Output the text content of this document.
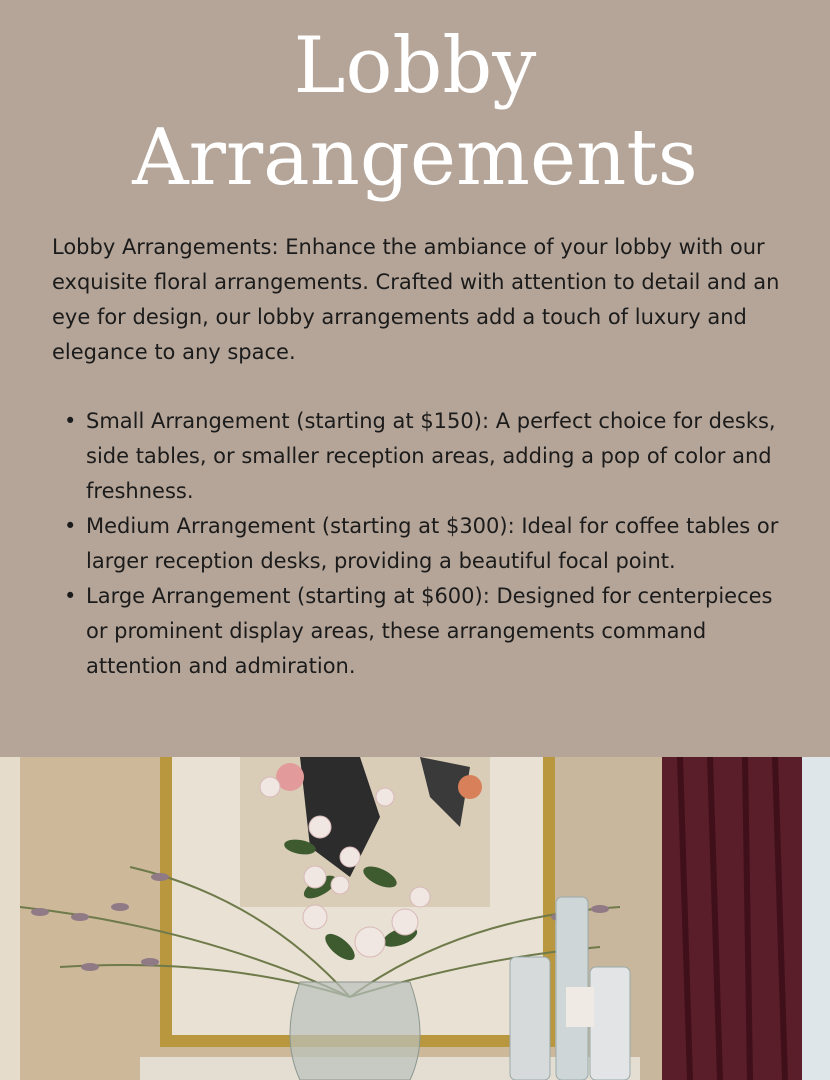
Lobby
Arrangements

Lobby Arrangements: Enhance the ambiance of your lobby with our exquisite floral arrangements. Crafted with attention to detail and an eye for design, our lobby arrangements add a touch of luxury and elegance to any space.

• Small Arrangement (starting at $150): A perfect choice for desks, side tables, or smaller reception areas, adding a pop of color and freshness.
• Medium Arrangement (starting at $300): Ideal for coffee tables or larger reception desks, providing a beautiful focal point.
• Large Arrangement (starting at $600): Designed for centerpieces or prominent display areas, these arrangements command attention and admiration.
